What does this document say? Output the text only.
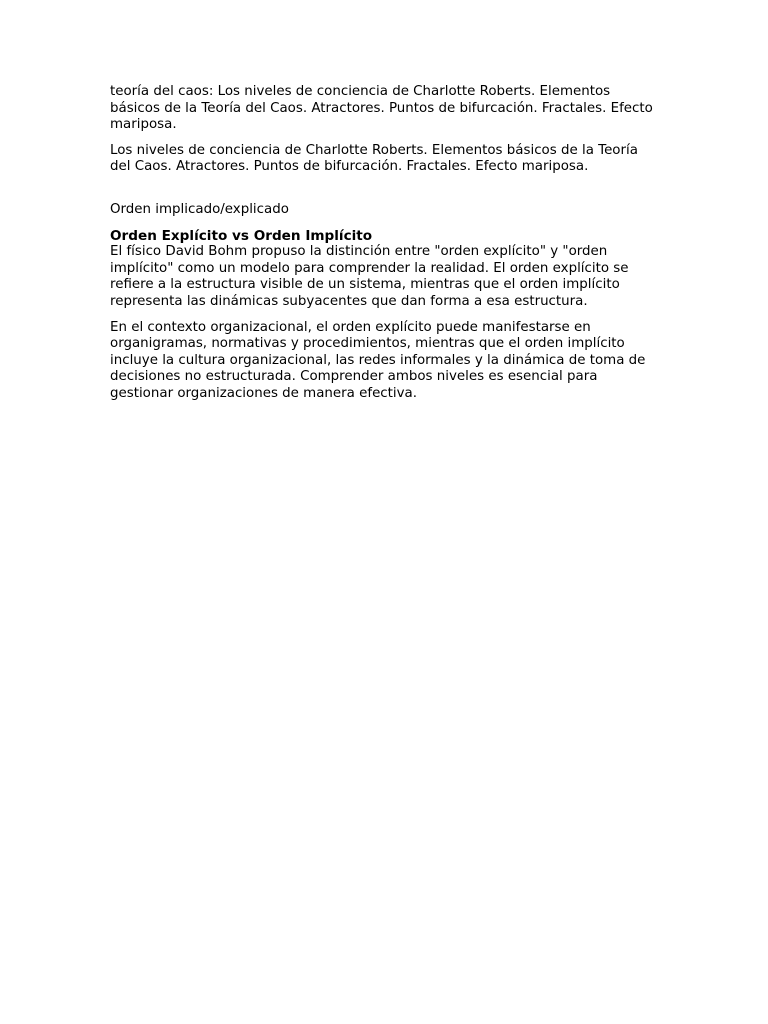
teoría del caos: Los niveles de conciencia de Charlotte Roberts. Elementos básicos de la Teoría del Caos. Atractores. Puntos de bifurcación. Fractales. Efecto mariposa.

Los niveles de conciencia de Charlotte Roberts. Elementos básicos de la Teoría del Caos. Atractores. Puntos de bifurcación. Fractales. Efecto mariposa.

Orden implicado/explicado

Orden Explícito vs Orden Implícito

El físico David Bohm propuso la distinción entre "orden explícito" y "orden implícito" como un modelo para comprender la realidad. El orden explícito se refiere a la estructura visible de un sistema, mientras que el orden implícito representa las dinámicas subyacentes que dan forma a esa estructura.

En el contexto organizacional, el orden explícito puede manifestarse en organigramas, normativas y procedimientos, mientras que el orden implícito incluye la cultura organizacional, las redes informales y la dinámica de toma de decisiones no estructurada. Comprender ambos niveles es esencial para gestionar organizaciones de manera efectiva.
